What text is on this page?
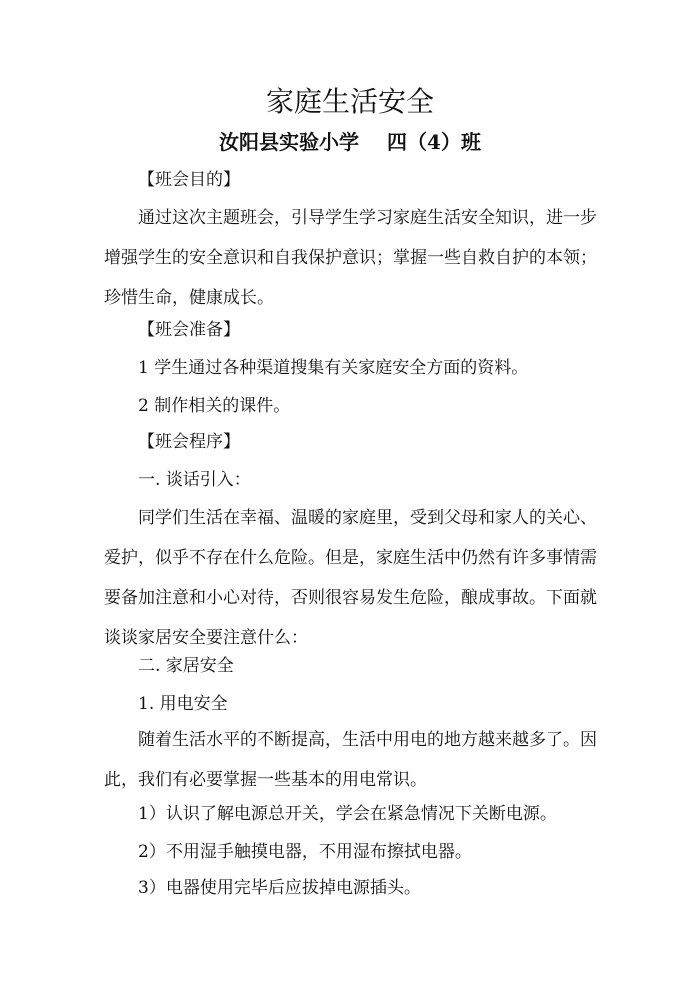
家庭生活安全
汝阳县实验小学 四（4）班
【班会目的】
通过这次主题班会，引导学生学习家庭生活安全知识，进一步
增强学生的安全意识和自我保护意识；掌握一些自救自护的本领；
珍惜生命，健康成长。
【班会准备】
1 学生通过各种渠道搜集有关家庭安全方面的资料。
2 制作相关的课件。
【班会程序】
一. 谈话引入：
同学们生活在幸福、温暖的家庭里，受到父母和家人的关心、
爱护，似乎不存在什么危险。但是，家庭生活中仍然有许多事情需
要备加注意和小心对待，否则很容易发生危险，酿成事故。下面就
谈谈家居安全要注意什么：
二. 家居安全
1. 用电安全
随着生活水平的不断提高，生活中用电的地方越来越多了。因
此，我们有必要掌握一些基本的用电常识。
1）认识了解电源总开关，学会在紧急情况下关断电源。
2）不用湿手触摸电器，不用湿布擦拭电器。
3）电器使用完毕后应拔掉电源插头。
